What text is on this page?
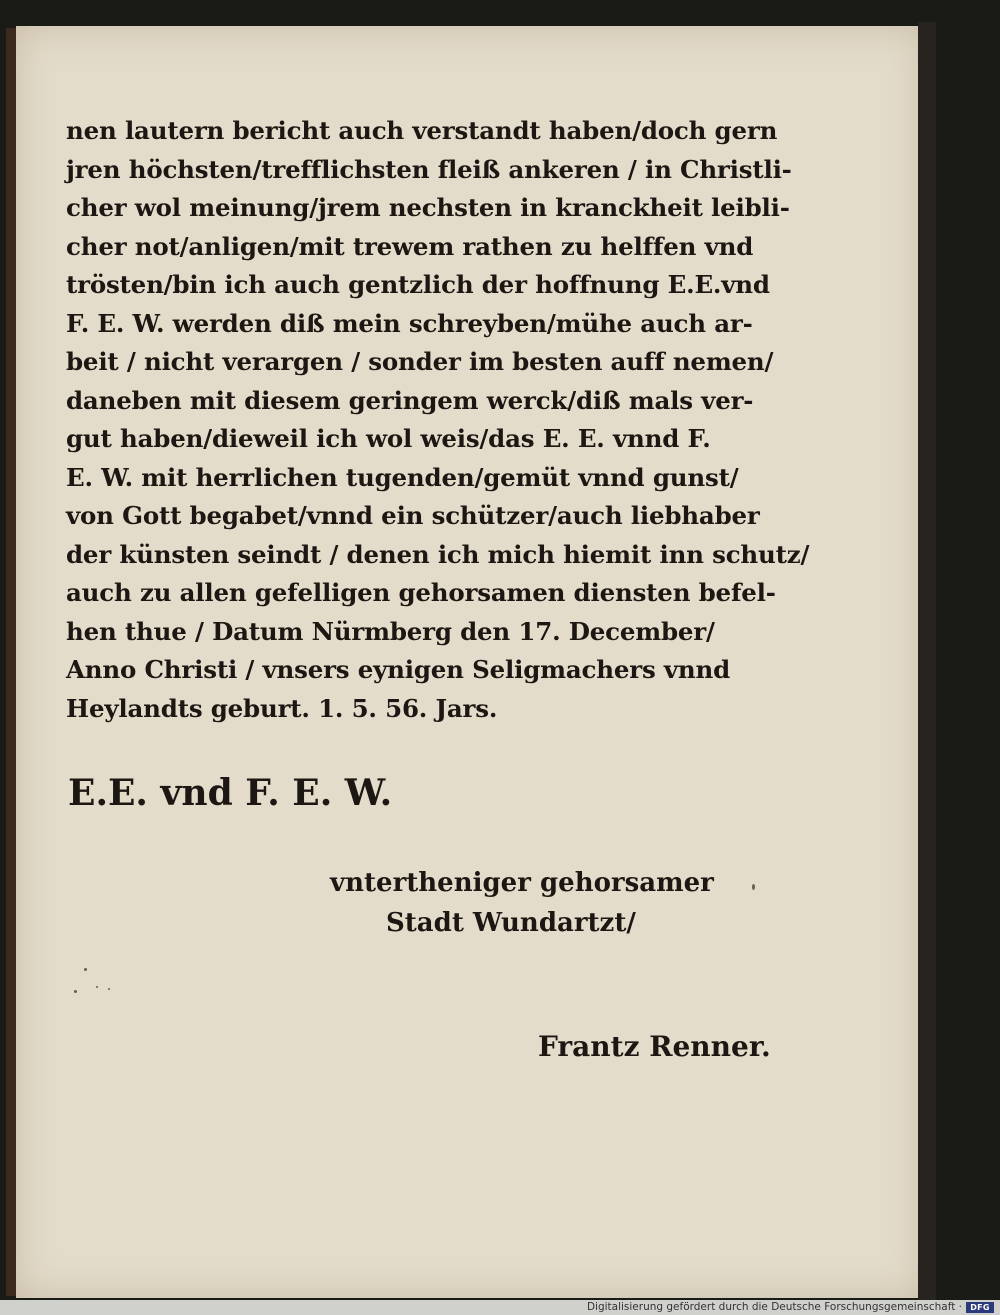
nen lautern bericht auch verstandt haben/doch gern
jren höchsten/trefflichsten fleiß ankeren / in Christli-
cher wol meinung/jrem nechsten in kranckheit leibli-
cher not/anligen/mit trewem rathen zu helffen vnd
trösten/bin ich auch gentzlich der hoffnung E.E.vnd
F. E. W. werden diß mein schreyben/mühe auch ar-
beit / nicht verargen / sonder im besten auff nemen/
daneben mit diesem geringem werck/diß mals ver-
gut haben/dieweil ich wol weis/das E. E. vnnd F.
E. W. mit herrlichen tugenden/gemüt vnnd gunst/
von Gott begabet/vnnd ein schützer/auch liebhaber
der künsten seindt / denen ich mich hiemit inn schutz/
auch zu allen gefelligen gehorsamen diensten befel-
hen thue / Datum Nürmberg den 17. December/
Anno Christi / vnsers eynigen Seligmachers vnnd
Heylandts geburt. 1. 5. 56. Jars.
E.E. vnd F. E. W.
vntertheniger gehorsamer
Stadt Wundartzt/
Frantz Renner.
Digitalisierung gefördert durch die Deutsche Forschungsgemeinschaft ·	DFG
